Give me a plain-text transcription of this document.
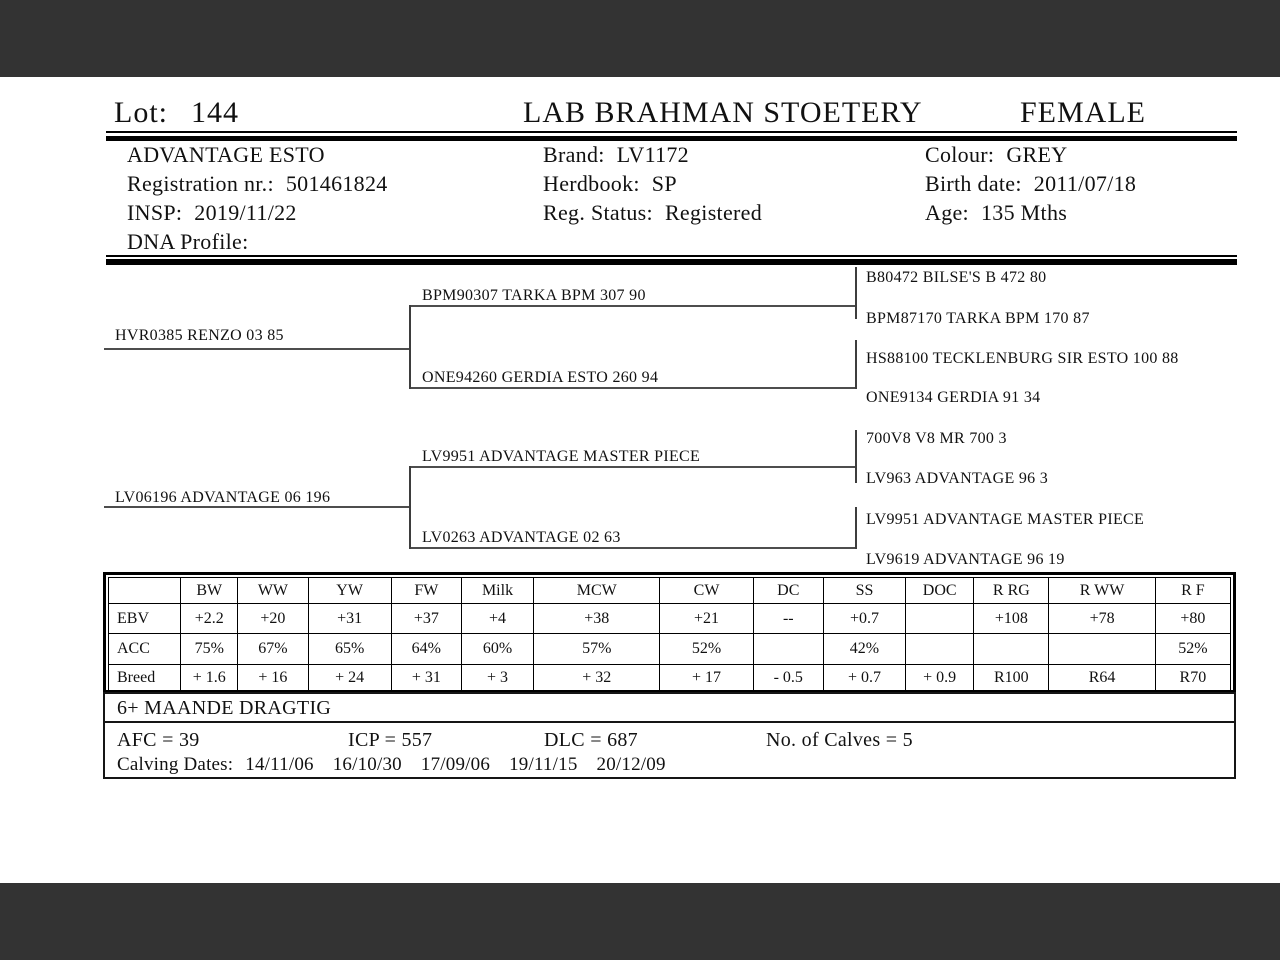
Lot: 144	LAB BRAHMAN STOETERY	FEMALE
ADVANTAGE ESTO
Registration nr.: 501461824
INSP: 2019/11/22
DNA Profile:
Brand: LV1172
Herdbook: SP
Reg. Status: Registered
Colour: GREY
Birth date: 2011/07/18
Age: 135 Mths
HVR0385 RENZO 03 85
LV06196 ADVANTAGE 06 196
BPM90307 TARKA BPM 307 90
ONE94260 GERDIA ESTO 260 94
LV9951 ADVANTAGE MASTER PIECE
LV0263 ADVANTAGE 02 63
B80472 BILSE'S B 472 80
BPM87170 TARKA BPM 170 87
HS88100 TECKLENBURG SIR ESTO 100 88
ONE9134 GERDIA 91 34
700V8 V8 MR 700 3
LV963 ADVANTAGE 96 3
LV9951 ADVANTAGE MASTER PIECE
LV9619 ADVANTAGE 96 19
	BW	WW	YW	FW	Milk	MCW	CW	DC	SS	DOC	R RG	R WW	R F
EBV	+2.2	+20	+31	+37	+4	+38	+21	--	+0.7		+108	+78	+80
ACC	75%	67%	65%	64%	60%	57%	52%		42%				52%
Breed	+ 1.6	+ 16	+ 24	+ 31	+ 3	+ 32	+ 17	- 0.5	+ 0.7	+ 0.9	R100	R64	R70
6+ MAANDE DRAGTIG
AFC = 39	ICP = 557	DLC = 687	No. of Calves = 5
Calving Dates: 14/11/06 16/10/30 17/09/06 19/11/15 20/12/09
